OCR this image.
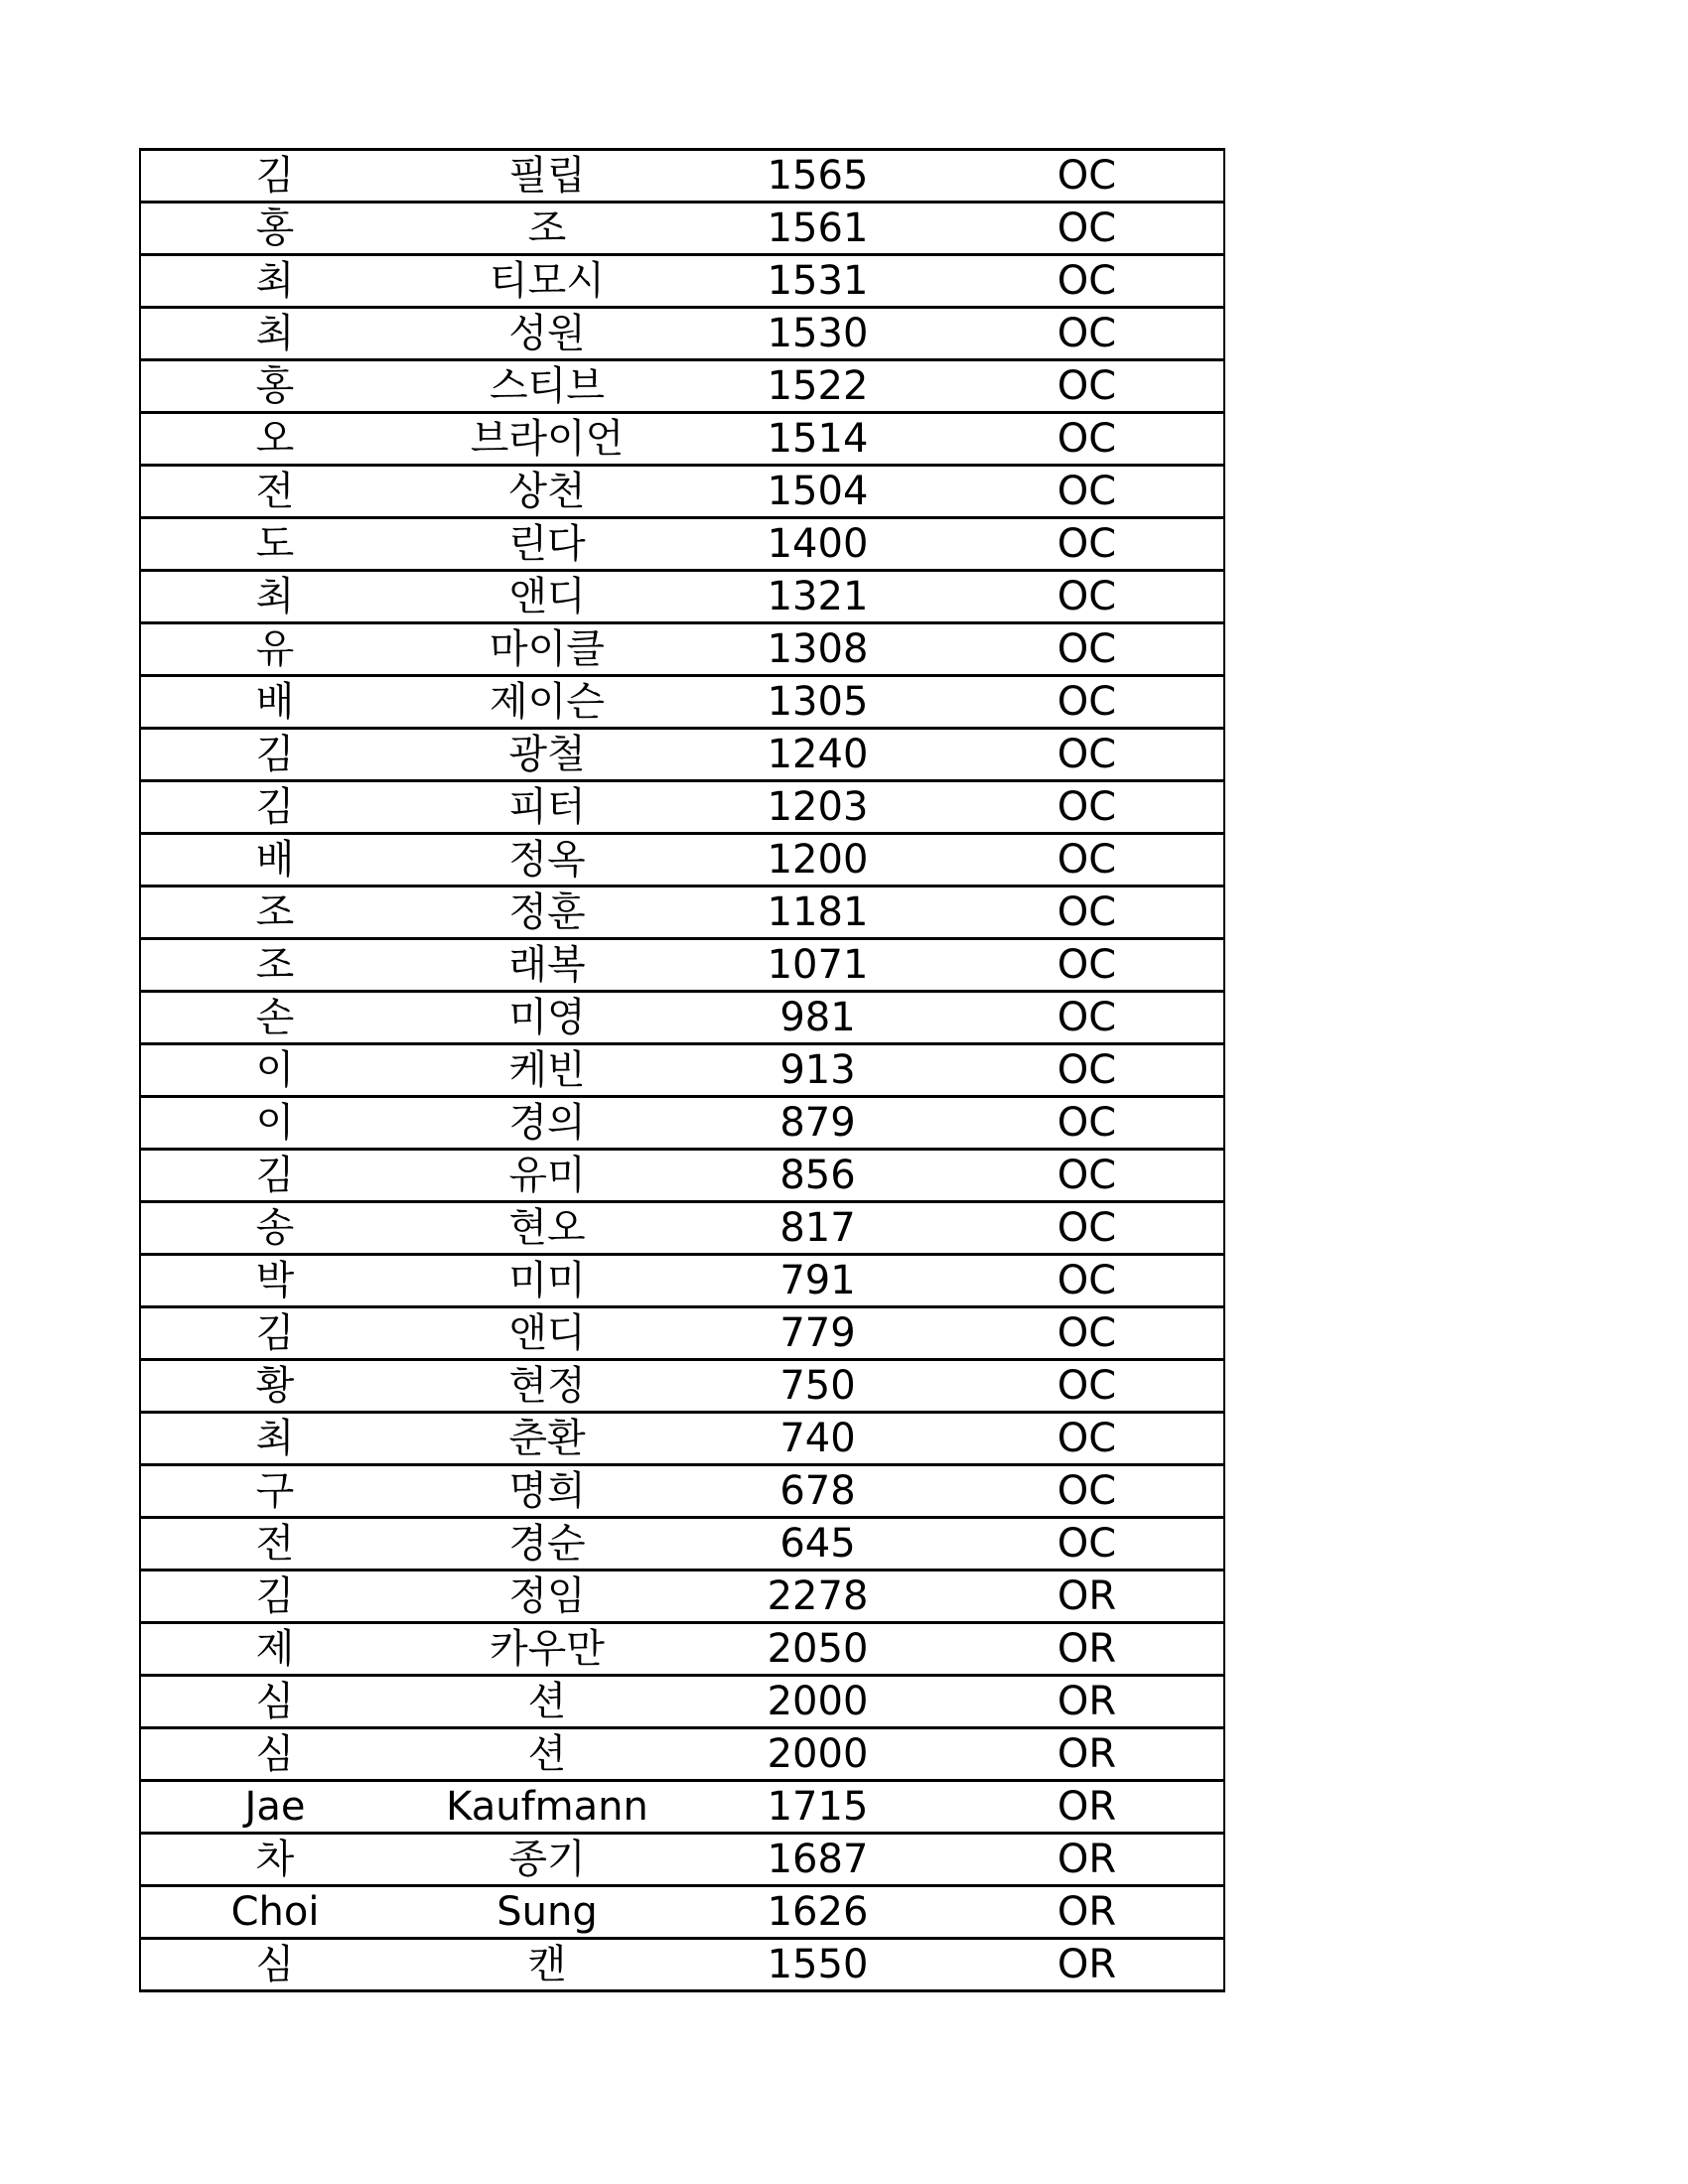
김	필립	1565	OC
홍	조	1561	OC
최	티모시	1531	OC
최	성원	1530	OC
홍	스티브	1522	OC
오	브라이언	1514	OC
전	상천	1504	OC
도	린다	1400	OC
최	앤디	1321	OC
유	마이클	1308	OC
배	제이슨	1305	OC
김	광철	1240	OC
김	피터	1203	OC
배	정옥	1200	OC
조	정훈	1181	OC
조	래복	1071	OC
손	미영	981	OC
이	케빈	913	OC
이	경의	879	OC
김	유미	856	OC
송	현오	817	OC
박	미미	791	OC
김	앤디	779	OC
황	현정	750	OC
최	춘환	740	OC
구	명희	678	OC
전	경순	645	OC
김	정임	2278	OR
제	카우만	2050	OR
심	션	2000	OR
심	션	2000	OR
Jae	Kaufmann	1715	OR
차	종기	1687	OR
Choi	Sung	1626	OR
심	캔	1550	OR
